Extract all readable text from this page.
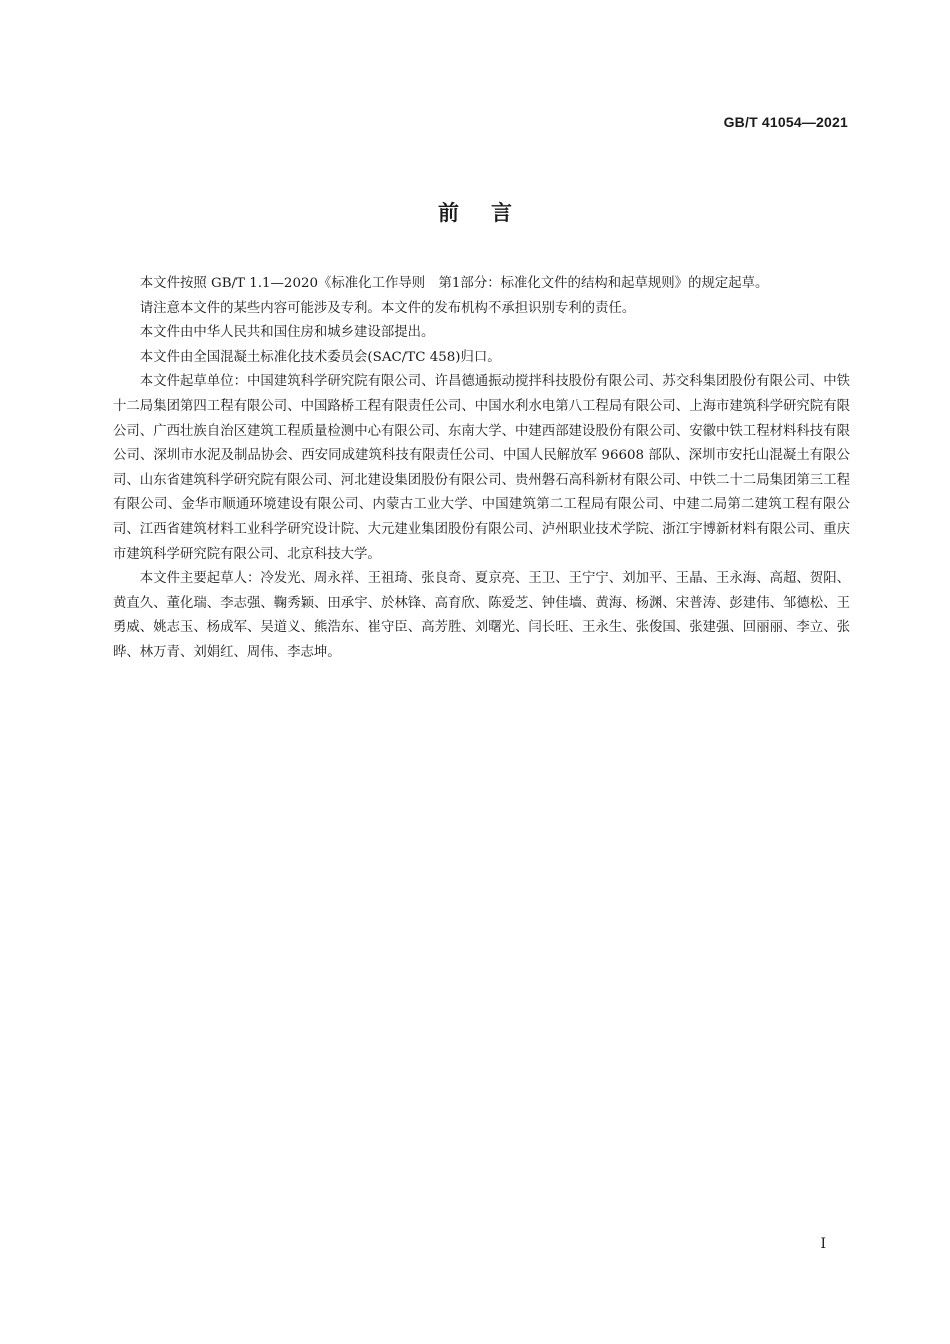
GB/T 41054—2021
前言

本文件按照 GB/T 1.1—2020《标准化工作导则　第1部分：标准化文件的结构和起草规则》的规定起草。

请注意本文件的某些内容可能涉及专利。本文件的发布机构不承担识别专利的责任。

本文件由中华人民共和国住房和城乡建设部提出。

本文件由全国混凝土标准化技术委员会(SAC/TC 458)归口。

本文件起草单位：中国建筑科学研究院有限公司、许昌德通振动搅拌科技股份有限公司、苏交科集团股份有限公司、中铁十二局集团第四工程有限公司、中国路桥工程有限责任公司、中国水利水电第八工程局有限公司、上海市建筑科学研究院有限公司、广西壮族自治区建筑工程质量检测中心有限公司、东南大学、中建西部建设股份有限公司、安徽中铁工程材料科技有限公司、深圳市水泥及制品协会、西安同成建筑科技有限责任公司、中国人民解放军 96608 部队、深圳市安托山混凝土有限公司、山东省建筑科学研究院有限公司、河北建设集团股份有限公司、贵州磐石高科新材有限公司、中铁二十二局集团第三工程有限公司、金华市顺通环境建设有限公司、内蒙古工业大学、中国建筑第二工程局有限公司、中建二局第二建筑工程有限公司、江西省建筑材料工业科学研究设计院、大元建业集团股份有限公司、泸州职业技术学院、浙江宇博新材料有限公司、重庆市建筑科学研究院有限公司、北京科技大学。

本文件主要起草人：冷发光、周永祥、王祖琦、张良奇、夏京亮、王卫、王宁宁、刘加平、王晶、王永海、高超、贺阳、黄直久、董化瑞、李志强、鞠秀颖、田承宇、於林锋、高育欣、陈爱芝、钟佳墙、黄海、杨渊、宋普涛、彭建伟、邹德松、王勇威、姚志玉、杨成军、吴道义、熊浩东、崔守臣、高芳胜、刘曙光、闫长旺、王永生、张俊国、张建强、回丽丽、李立、张晔、林万青、刘娟红、周伟、李志坤。

I
